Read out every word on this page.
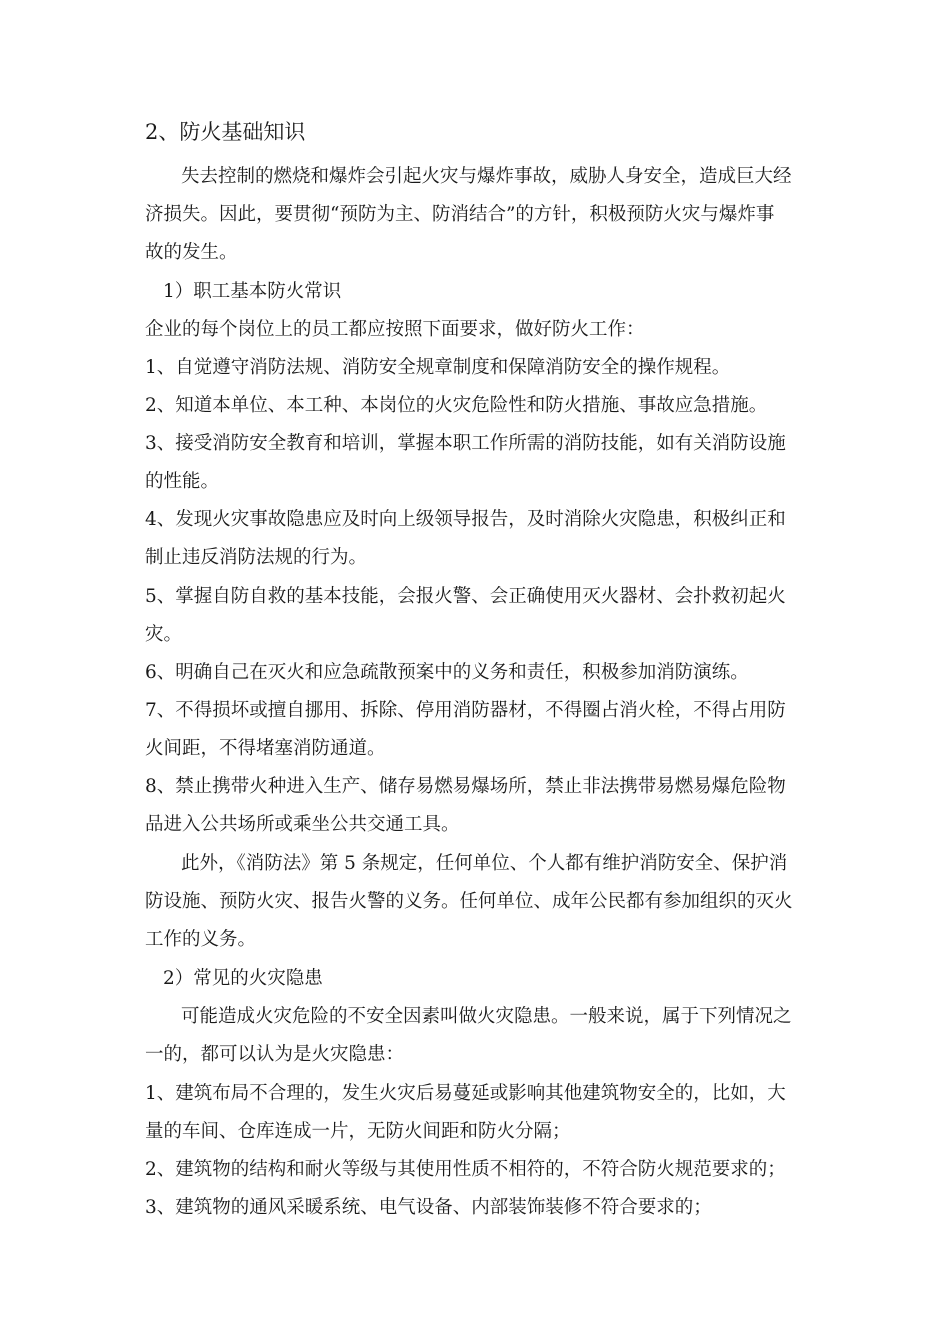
2、防火基础知识
失去控制的燃烧和爆炸会引起火灾与爆炸事故，威胁人身安全，造成巨大经
济损失。因此，要贯彻“预防为主、防消结合”的方针，积极预防火灾与爆炸事
故的发生。
1）职工基本防火常识
企业的每个岗位上的员工都应按照下面要求，做好防火工作：
1、自觉遵守消防法规、消防安全规章制度和保障消防安全的操作规程。
2、知道本单位、本工种、本岗位的火灾危险性和防火措施、事故应急措施。
3、接受消防安全教育和培训，掌握本职工作所需的消防技能，如有关消防设施
的性能。
4、发现火灾事故隐患应及时向上级领导报告，及时消除火灾隐患，积极纠正和
制止违反消防法规的行为。
5、掌握自防自救的基本技能，会报火警、会正确使用灭火器材、会扑救初起火
灾。
6、明确自己在灭火和应急疏散预案中的义务和责任，积极参加消防演练。
7、不得损坏或擅自挪用、拆除、停用消防器材，不得圈占消火栓，不得占用防
火间距，不得堵塞消防通道。
8、禁止携带火种进入生产、储存易燃易爆场所，禁止非法携带易燃易爆危险物
品进入公共场所或乘坐公共交通工具。
此外，《消防法》第 5 条规定，任何单位、个人都有维护消防安全、保护消
防设施、预防火灾、报告火警的义务。任何单位、成年公民都有参加组织的灭火
工作的义务。
2）常见的火灾隐患
可能造成火灾危险的不安全因素叫做火灾隐患。一般来说，属于下列情况之
一的，都可以认为是火灾隐患：
1、建筑布局不合理的，发生火灾后易蔓延或影响其他建筑物安全的，比如，大
量的车间、仓库连成一片，无防火间距和防火分隔；
2、建筑物的结构和耐火等级与其使用性质不相符的，不符合防火规范要求的；
3、建筑物的通风采暖系统、电气设备、内部装饰装修不符合要求的；
